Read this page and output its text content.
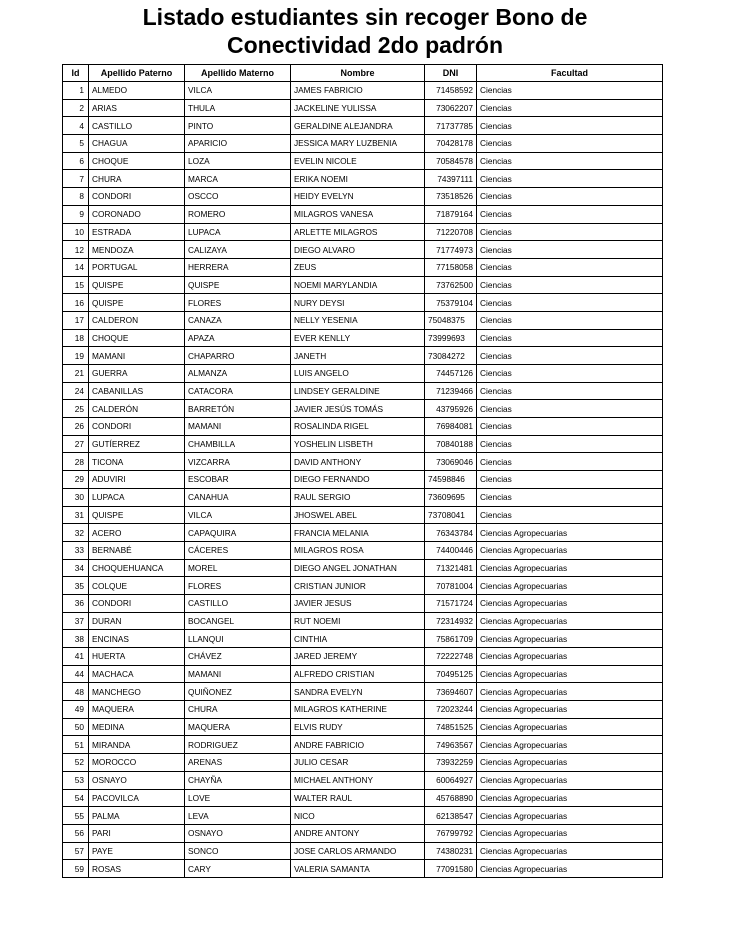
Listado estudiantes sin recoger Bono de
Conectividad 2do padrón
Id	Apellido Paterno	Apellido Materno	Nombre	DNI	Facultad
1	ALMEDO	VILCA	JAMES FABRICIO	71458592	Ciencias
2	ARIAS	THULA	JACKELINE YULISSA	73062207	Ciencias
4	CASTILLO	PINTO	GERALDINE ALEJANDRA	71737785	Ciencias
5	CHAGUA	APARICIO	JESSICA MARY LUZBENIA	70428178	Ciencias
6	CHOQUE	LOZA	EVELIN NICOLE	70584578	Ciencias
7	CHURA	MARCA	ERIKA NOEMI	74397111	Ciencias
8	CONDORI	OSCCO	HEIDY EVELYN	73518526	Ciencias
9	CORONADO	ROMERO	MILAGROS VANESA	71879164	Ciencias
10	ESTRADA	LUPACA	ARLETTE MILAGROS	71220708	Ciencias
12	MENDOZA	CALIZAYA	DIEGO ALVARO	71774973	Ciencias
14	PORTUGAL	HERRERA	ZEUS	77158058	Ciencias
15	QUISPE	QUISPE	NOEMI MARYLANDIA	73762500	Ciencias
16	QUISPE	FLORES	NURY DEYSI	75379104	Ciencias
17	CALDERON	CANAZA	NELLY YESENIA	75048375	Ciencias
18	CHOQUE	APAZA	EVER KENLLY	73999693	Ciencias
19	MAMANI	CHAPARRO	JANETH	73084272	Ciencias
21	GUERRA	ALMANZA	LUIS ANGELO	74457126	Ciencias
24	CABANILLAS	CATACORA	LINDSEY GERALDINE	71239466	Ciencias
25	CALDERÓN	BARRETÓN	JAVIER JESÚS TOMÁS	43795926	Ciencias
26	CONDORI	MAMANI	ROSALINDA RIGEL	76984081	Ciencias
27	GUTÍERREZ	CHAMBILLA	YOSHELIN LISBETH	70840188	Ciencias
28	TICONA	VIZCARRA	DAVID ANTHONY	73069046	Ciencias
29	ADUVIRI	ESCOBAR	DIEGO FERNANDO	74598846	Ciencias
30	LUPACA	CANAHUA	RAUL SERGIO	73609695	Ciencias
31	QUISPE	VILCA	JHOSWEL ABEL	73708041	Ciencias
32	ACERO	CAPAQUIRA	FRANCIA MELANIA	76343784	Ciencias Agropecuarias
33	BERNABÉ	CÁCERES	MILAGROS ROSA	74400446	Ciencias Agropecuarias
34	CHOQUEHUANCA	MOREL	DIEGO ANGEL JONATHAN	71321481	Ciencias Agropecuarias
35	COLQUE	FLORES	CRISTIAN JUNIOR	70781004	Ciencias Agropecuarias
36	CONDORI	CASTILLO	JAVIER JESUS	71571724	Ciencias Agropecuarias
37	DURAN	BOCANGEL	RUT NOEMI	72314932	Ciencias Agropecuarias
38	ENCINAS	LLANQUI	CINTHIA	75861709	Ciencias Agropecuarias
41	HUERTA	CHÁVEZ	JARED JEREMY	72222748	Ciencias Agropecuarias
44	MACHACA	MAMANI	ALFREDO CRISTIAN	70495125	Ciencias Agropecuarias
48	MANCHEGO	QUIÑONEZ	SANDRA EVELYN	73694607	Ciencias Agropecuarias
49	MAQUERA	CHURA	MILAGROS KATHERINE	72023244	Ciencias Agropecuarias
50	MEDINA	MAQUERA	ELVIS RUDY	74851525	Ciencias Agropecuarias
51	MIRANDA	RODRIGUEZ	ANDRE FABRICIO	74963567	Ciencias Agropecuarias
52	MOROCCO	ARENAS	JULIO CESAR	73932259	Ciencias Agropecuarias
53	OSNAYO	CHAYÑA	MICHAEL ANTHONY	60064927	Ciencias Agropecuarias
54	PACOVILCA	LOVE	WALTER RAUL	45768890	Ciencias Agropecuarias
55	PALMA	LEVA	NICO	62138547	Ciencias Agropecuarias
56	PARI	OSNAYO	ANDRE ANTONY	76799792	Ciencias Agropecuarias
57	PAYE	SONCO	JOSE CARLOS ARMANDO	74380231	Ciencias Agropecuarias
59	ROSAS	CARY	VALERIA SAMANTA	77091580	Ciencias Agropecuarias
